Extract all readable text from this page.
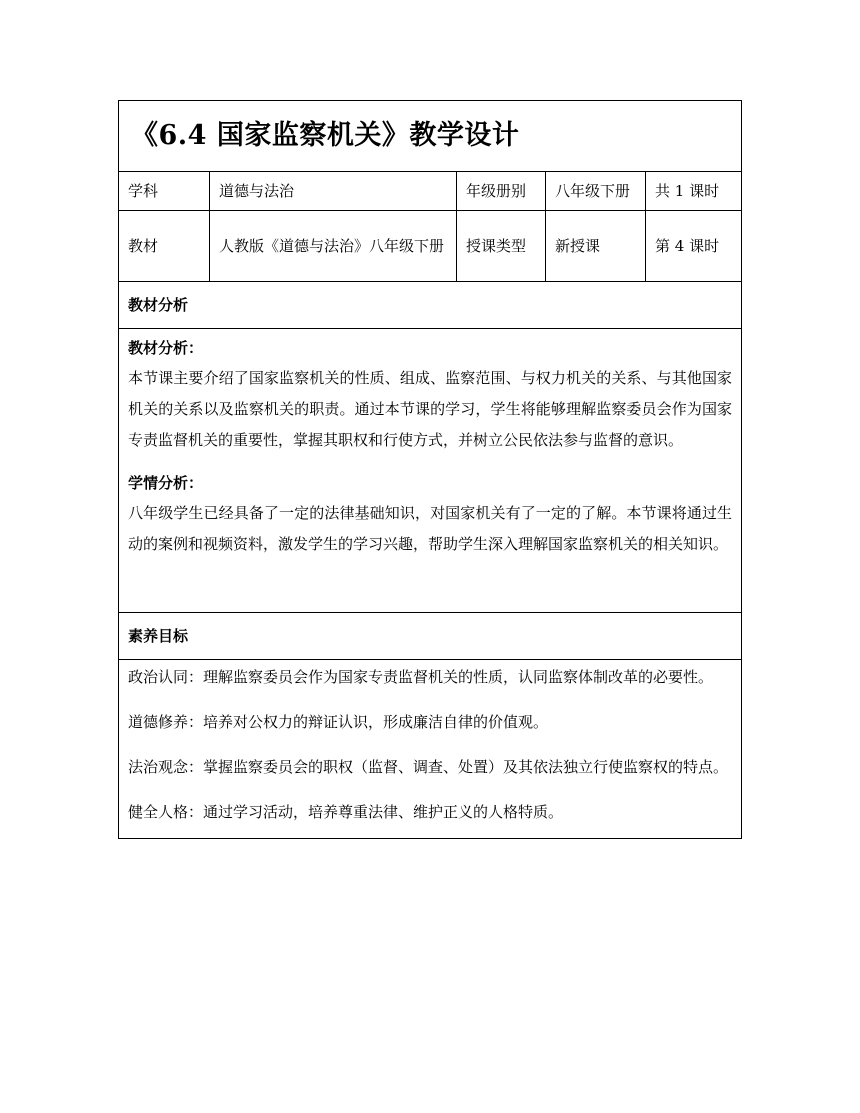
《6.4 国家监察机关》教学设计				
学科	道德与法治	年级册别	八年级下册	共 1 课时
教材	人教版《道德与法治》八年级下册	授课类型	新授课	第 4 课时
教材分析				

教材分析：

本节课主要介绍了国家监察机关的性质、组成、监察范围、与权力机关的关系、与其他国家机关的关系以及监察机关的职责。通过本节课的学习，学生将能够理解监察委员会作为国家专责监督机关的重要性，掌握其职权和行使方式，并树立公民依法参与监督的意识。

学情分析：

八年级学生已经具备了一定的法律基础知识，对国家机关有了一定的了解。本节课将通过生动的案例和视频资料，激发学生的学习兴趣，帮助学生深入理解国家监察机关的相关知识。				

素养目标				

政治认同：理解监察委员会作为国家专责监督机关的性质，认同监察体制改革的必要性。

道德修养：培养对公权力的辩证认识，形成廉洁自律的价值观。

法治观念：掌握监察委员会的职权（监督、调查、处置）及其依法独立行使监察权的特点。

健全人格：通过学习活动，培养尊重法律、维护正义的人格特质。				
